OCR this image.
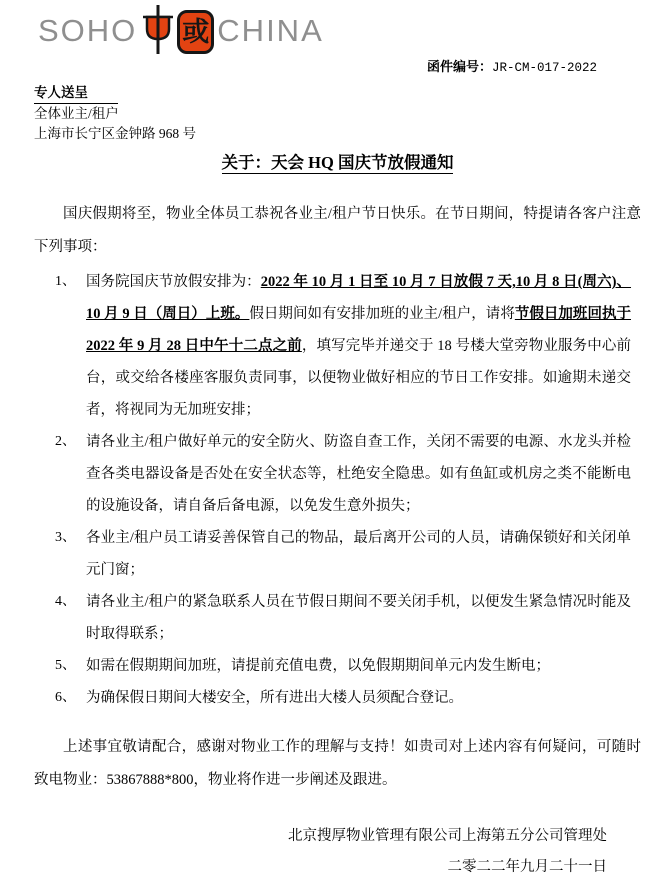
SOHO 或 CHINA
函件编号：JR-CM-017-2022
专人送呈
全体业主/租户
上海市长宁区金钟路 968 号
关于：天会 HQ 国庆节放假通知

国庆假期将至，物业全体员工恭祝各业主/租户节日快乐。在节日期间，特提请各客户注意下列事项：

1、 国务院国庆节放假安排为：2022 年 10 月 1 日至 10 月 7 日放假 7 天,10 月 8 日(周六)、10 月 9 日（周日）上班。假日期间如有安排加班的业主/租户，请将节假日加班回执于 2022 年 9 月 28 日中午十二点之前，填写完毕并递交于 18 号楼大堂旁物业服务中心前台，或交给各楼座客服负责同事，以便物业做好相应的节日工作安排。如逾期未递交者，将视同为无加班安排；
2、 请各业主/租户做好单元的安全防火、防盗自查工作，关闭不需要的电源、水龙头并检查各类电器设备是否处在安全状态等，杜绝安全隐患。如有鱼缸或机房之类不能断电的设施设备，请自备后备电源，以免发生意外损失；
3、 各业主/租户员工请妥善保管自己的物品，最后离开公司的人员，请确保锁好和关闭单元门窗；
4、 请各业主/租户的紧急联系人员在节假日期间不要关闭手机，以便发生紧急情况时能及时取得联系；
5、 如需在假期期间加班，请提前充值电费，以免假期期间单元内发生断电；
6、 为确保假日期间大楼安全，所有进出大楼人员须配合登记。

上述事宜敬请配合，感谢对物业工作的理解与支持！如贵司对上述内容有何疑问，可随时致电物业：53867888*800，物业将作进一步阐述及跟进。

北京搜厚物业管理有限公司上海第五分公司管理处
二零二二年九月二十一日
